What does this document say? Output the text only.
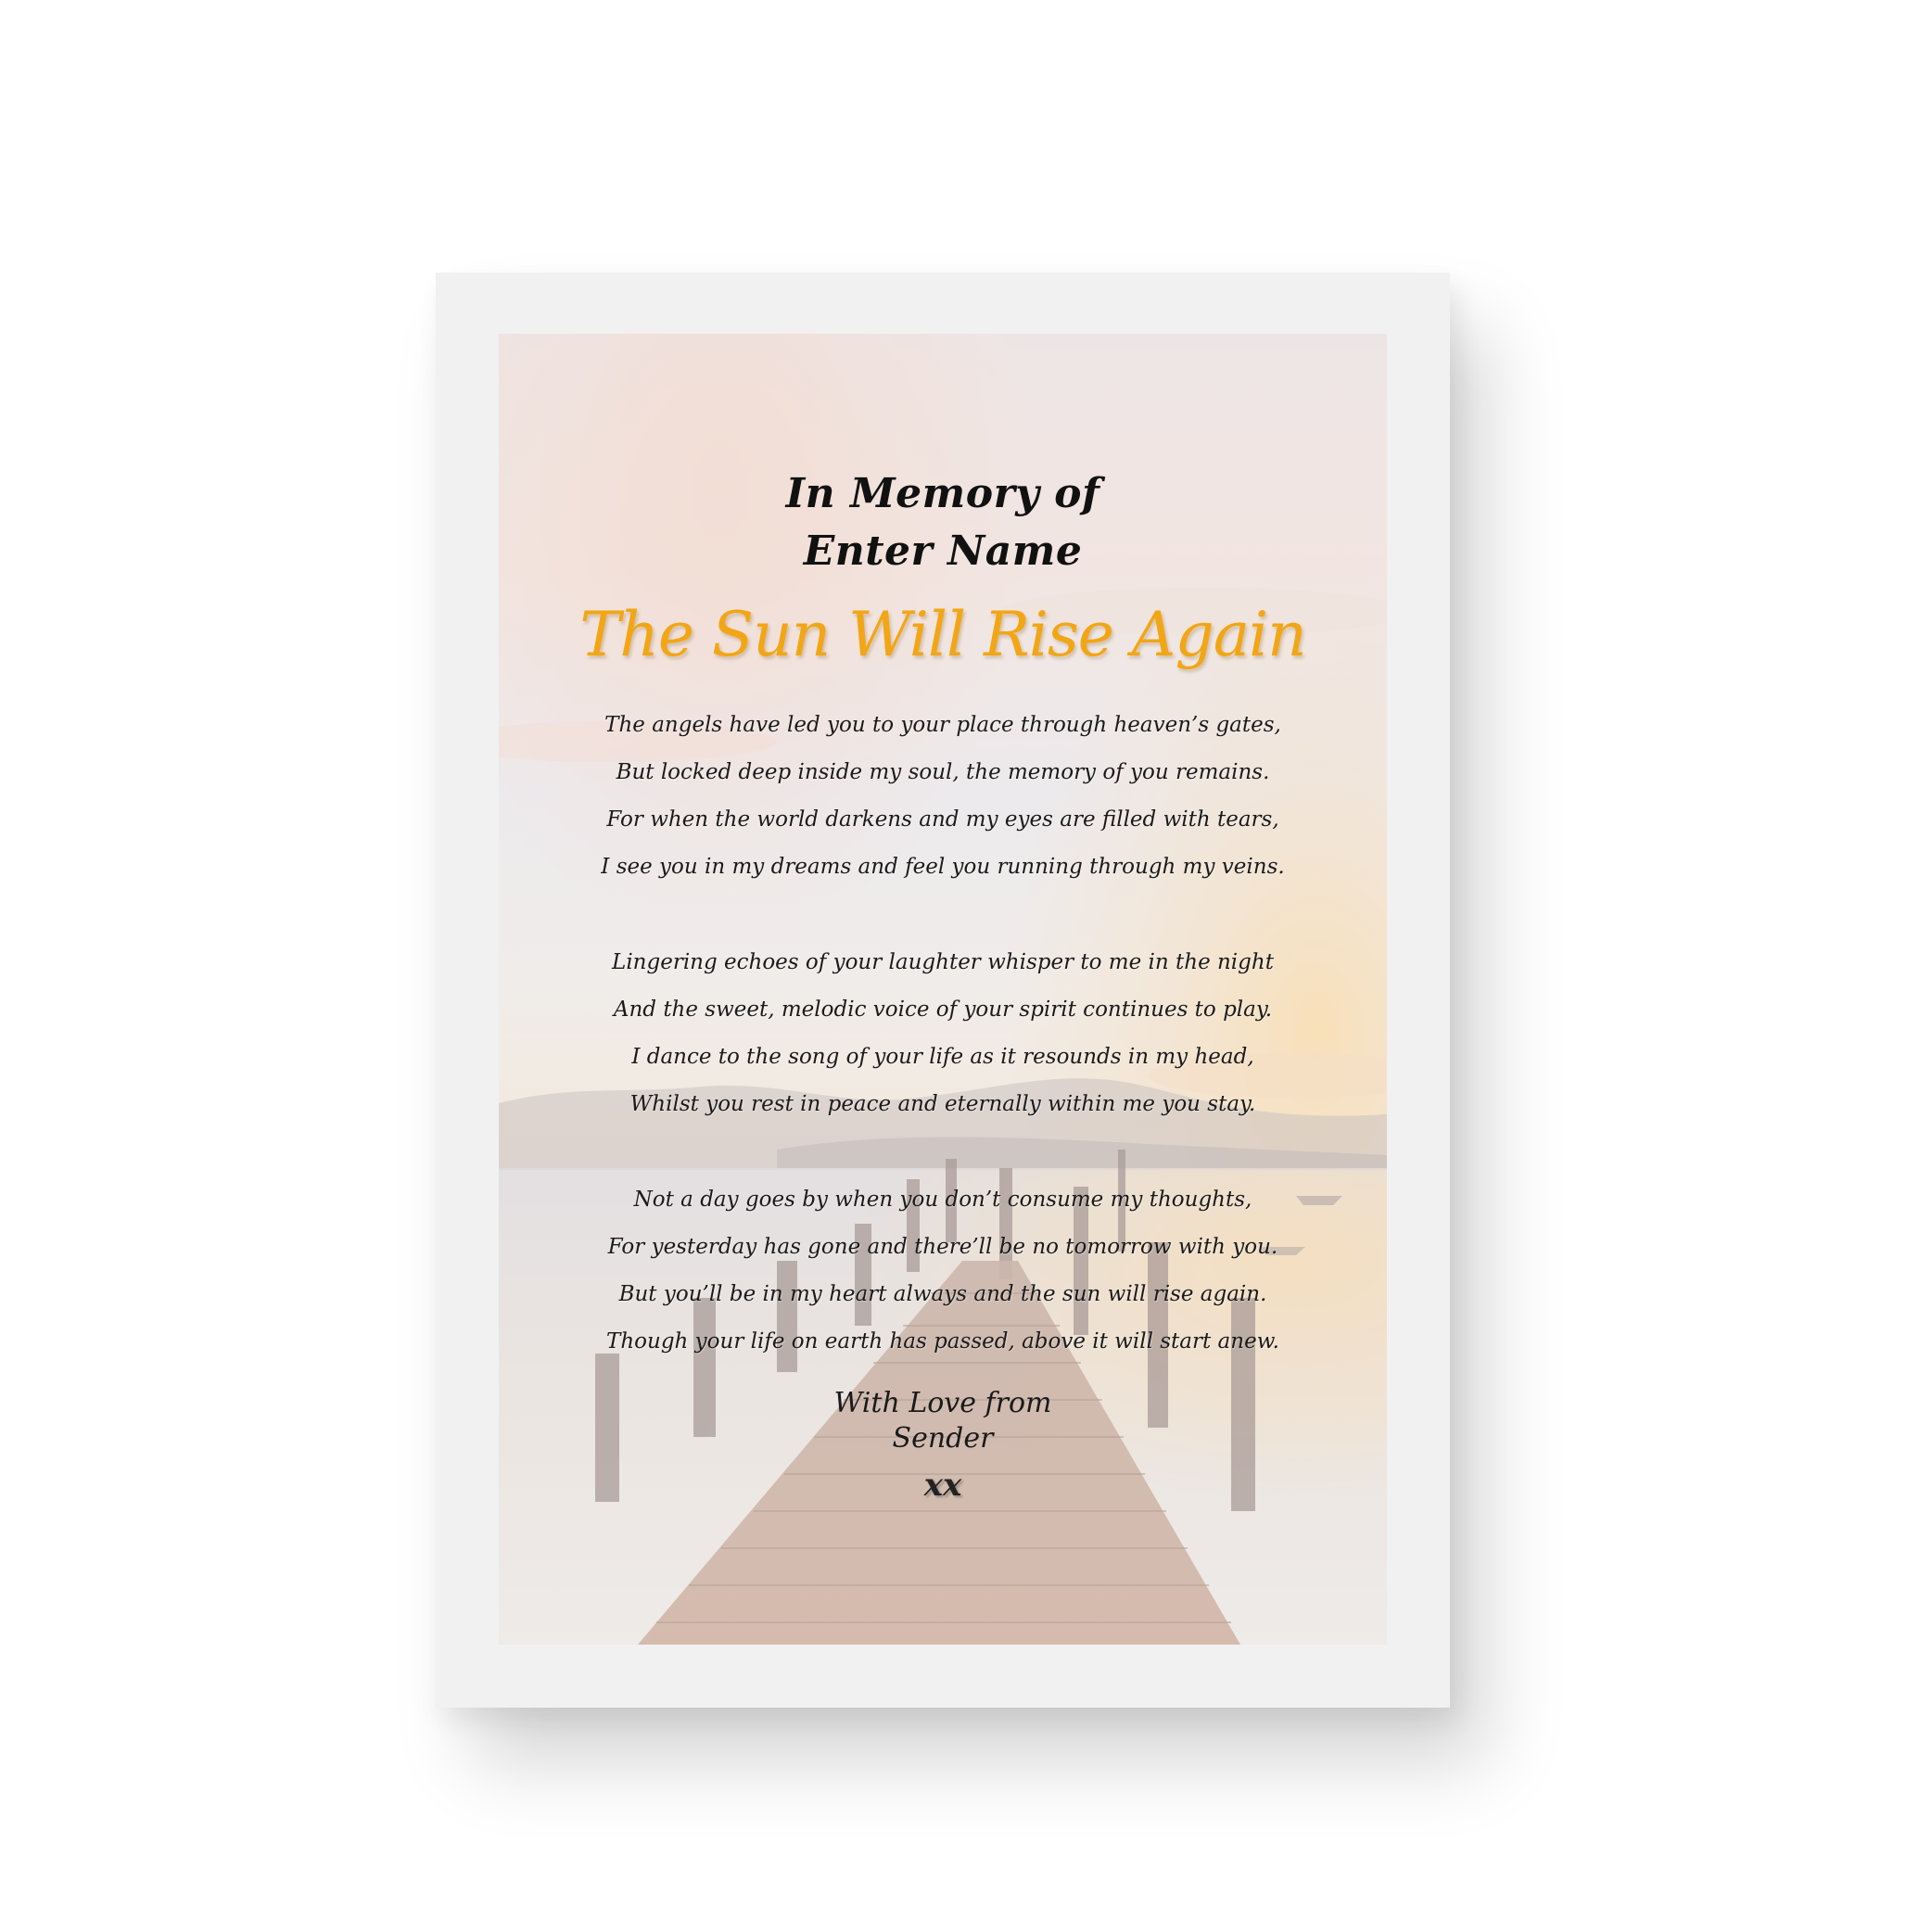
In Memory of
Enter Name
The Sun Will Rise Again
The angels have led you to your place through heaven’s gates,
But locked deep inside my soul, the memory of you remains.
For when the world darkens and my eyes are filled with tears,
I see you in my dreams and feel you running through my veins.
Lingering echoes of your laughter whisper to me in the night
And the sweet, melodic voice of your spirit continues to play.
I dance to the song of your life as it resounds in my head,
Whilst you rest in peace and eternally within me you stay.
Not a day goes by when you don’t consume my thoughts,
For yesterday has gone and there’ll be no tomorrow with you.
But you’ll be in my heart always and the sun will rise again.
Though your life on earth has passed, above it will start anew.
With Love from
Sender
xx
